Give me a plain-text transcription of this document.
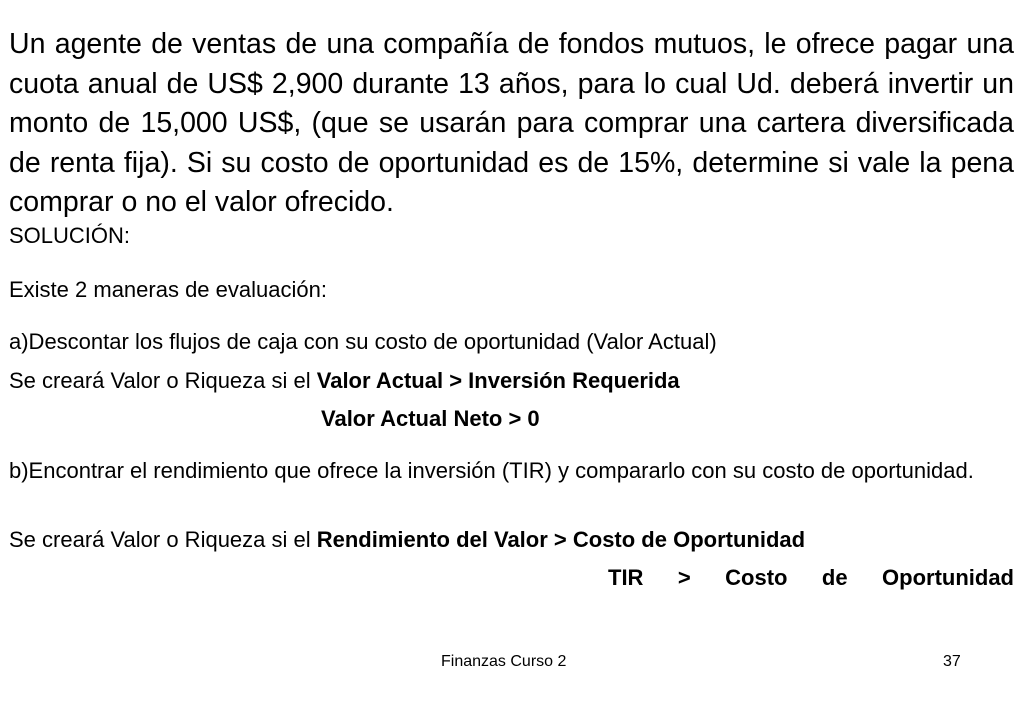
Un agente de ventas de una compañía de fondos mutuos, le ofrece pagar una cuota anual de US$ 2,900 durante 13 años, para lo cual Ud. deberá invertir un monto de 15,000 US$, (que se usarán para comprar una cartera diversificada de renta fija). Si su costo de oportunidad es de 15%, determine si vale la pena comprar o no el valor ofrecido.

SOLUCIÓN:

Existe 2 maneras de evaluación:

a)Descontar los flujos de caja con su costo de oportunidad (Valor Actual)

Se creará Valor o Riqueza si el Valor Actual > Inversión Requerida

Valor Actual Neto > 0

b)Encontrar el rendimiento que ofrece la inversión (TIR) y compararlo con su costo de oportunidad.

Se creará Valor o Riqueza si el Rendimiento del Valor > Costo de Oportunidad

TIR > Costo de Oportunidad

Finanzas Curso 2	37
